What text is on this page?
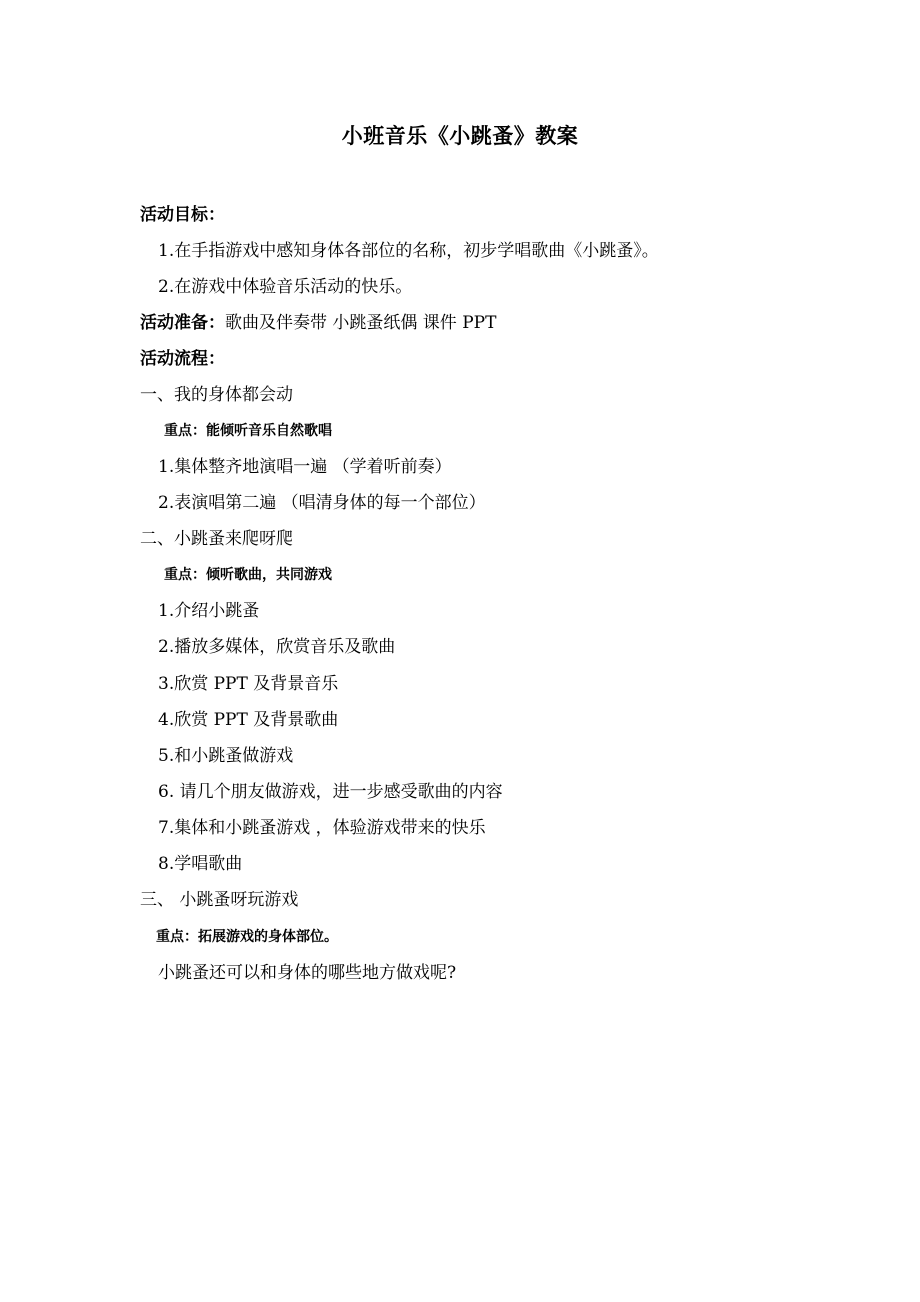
小班音乐《小跳蚤》教案
活动目标：
1.在手指游戏中感知身体各部位的名称，初步学唱歌曲《小跳蚤》。
2.在游戏中体验音乐活动的快乐。
活动准备：歌曲及伴奏带 小跳蚤纸偶 课件 PPT
活动流程：
一、我的身体都会动
重点：能倾听音乐自然歌唱
1.集体整齐地演唱一遍 （学着听前奏）
2.表演唱第二遍 （唱清身体的每一个部位）
二、小跳蚤来爬呀爬
重点：倾听歌曲，共同游戏
1.介绍小跳蚤
2.播放多媒体，欣赏音乐及歌曲
3.欣赏 PPT 及背景音乐
4.欣赏 PPT 及背景歌曲
5.和小跳蚤做游戏
6. 请几个朋友做游戏，进一步感受歌曲的内容
7.集体和小跳蚤游戏 ，体验游戏带来的快乐
8.学唱歌曲
三、 小跳蚤呀玩游戏
重点：拓展游戏的身体部位。
小跳蚤还可以和身体的哪些地方做戏呢?
